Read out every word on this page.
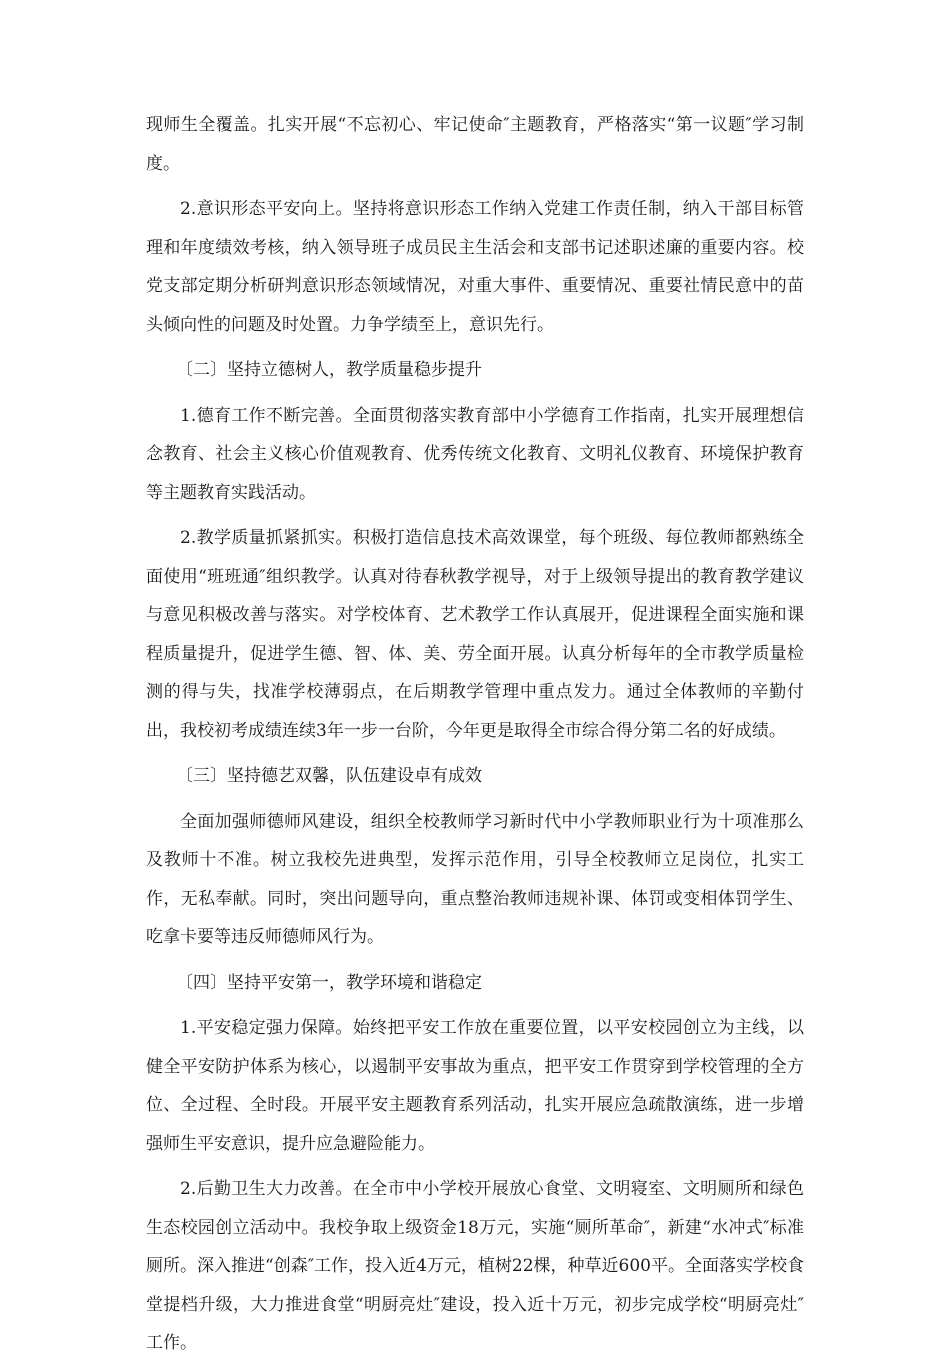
现师生全覆盖。扎实开展“不忘初心、牢记使命″主题教育，严格落实“第一议题″学习制度。

2.意识形态平安向上。坚持将意识形态工作纳入党建工作责任制，纳入干部目标管理和年度绩效考核，纳入领导班子成员民主生活会和支部书记述职述廉的重要内容。校党支部定期分析研判意识形态领域情况，对重大事件、重要情况、重要社情民意中的苗头倾向性的问题及时处置。力争学绩至上，意识先行。

〔二〕坚持立德树人，教学质量稳步提升

1.德育工作不断完善。全面贯彻落实教育部中小学德育工作指南，扎实开展理想信念教育、社会主义核心价值观教育、优秀传统文化教育、文明礼仪教育、环境保护教育等主题教育实践活动。

2.教学质量抓紧抓实。积极打造信息技术高效课堂，每个班级、每位教师都熟练全面使用“班班通″组织教学。认真对待春秋教学视导，对于上级领导提出的教育教学建议与意见积极改善与落实。对学校体育、艺术教学工作认真展开，促进课程全面实施和课程质量提升，促进学生德、智、体、美、劳全面开展。认真分析每年的全市教学质量检测的得与失，找准学校薄弱点，在后期教学管理中重点发力。通过全体教师的辛勤付出，我校初考成绩连续3年一步一台阶，今年更是取得全市综合得分第二名的好成绩。

〔三〕坚持德艺双馨，队伍建设卓有成效

全面加强师德师风建设，组织全校教师学习新时代中小学教师职业行为十项准那么及教师十不准。树立我校先进典型，发挥示范作用，引导全校教师立足岗位，扎实工作，无私奉献。同时，突出问题导向，重点整治教师违规补课、体罚或变相体罚学生、吃拿卡要等违反师德师风行为。

〔四〕坚持平安第一，教学环境和谐稳定

1.平安稳定强力保障。始终把平安工作放在重要位置，以平安校园创立为主线，以健全平安防护体系为核心，以遏制平安事故为重点，把平安工作贯穿到学校管理的全方位、全过程、全时段。开展平安主题教育系列活动，扎实开展应急疏散演练，进一步增强师生平安意识，提升应急避险能力。

2.后勤卫生大力改善。在全市中小学校开展放心食堂、文明寝室、文明厕所和绿色生态校园创立活动中。我校争取上级资金18万元，实施“厕所革命″，新建“水冲式″标准厕所。深入推进“创森″工作，投入近4万元，植树22棵，种草近600平。全面落实学校食堂提档升级，大力推进食堂“明厨亮灶″建设，投入近十万元，初步完成学校“明厨亮灶″工作。
